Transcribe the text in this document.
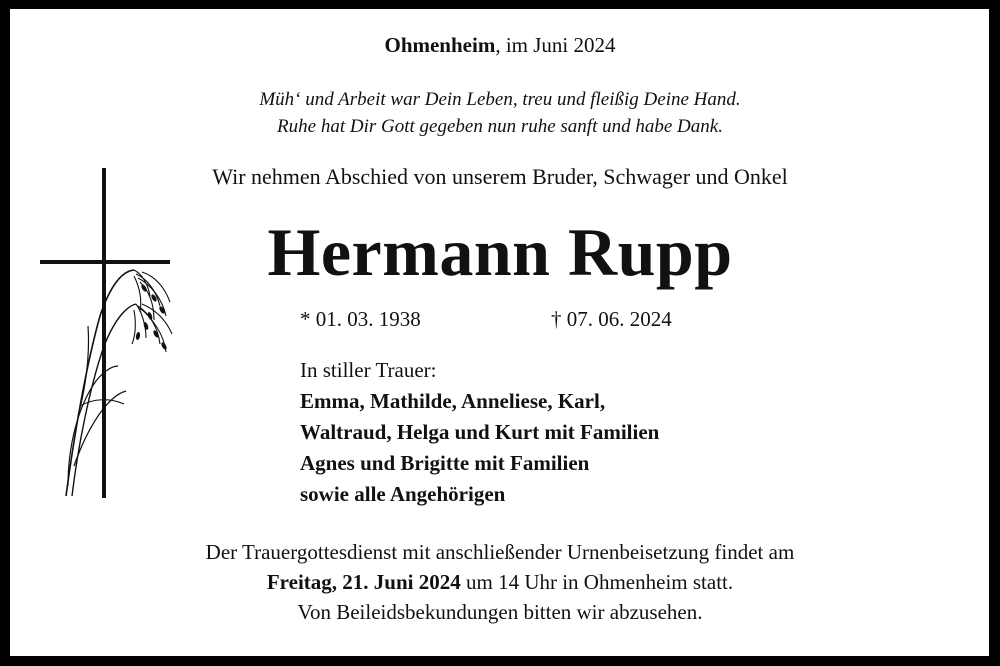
Ohmenheim, im Juni 2024
Müh‘ und Arbeit war Dein Leben, treu und fleißig Deine Hand.
Ruhe hat Dir Gott gegeben nun ruhe sanft und habe Dank.
Wir nehmen Abschied von unserem Bruder, Schwager und Onkel
Hermann Rupp
* 01. 03. 1938	† 07. 06. 2024
In stiller Trauer:
Emma, Mathilde, Anneliese, Karl,
Waltraud, Helga und Kurt mit Familien
Agnes und Brigitte mit Familien
sowie alle Angehörigen
Der Trauergottesdienst mit anschließender Urnenbeisetzung findet am
Freitag, 21. Juni 2024 um 14 Uhr in Ohmenheim statt.
Von Beileidsbekundungen bitten wir abzusehen.
